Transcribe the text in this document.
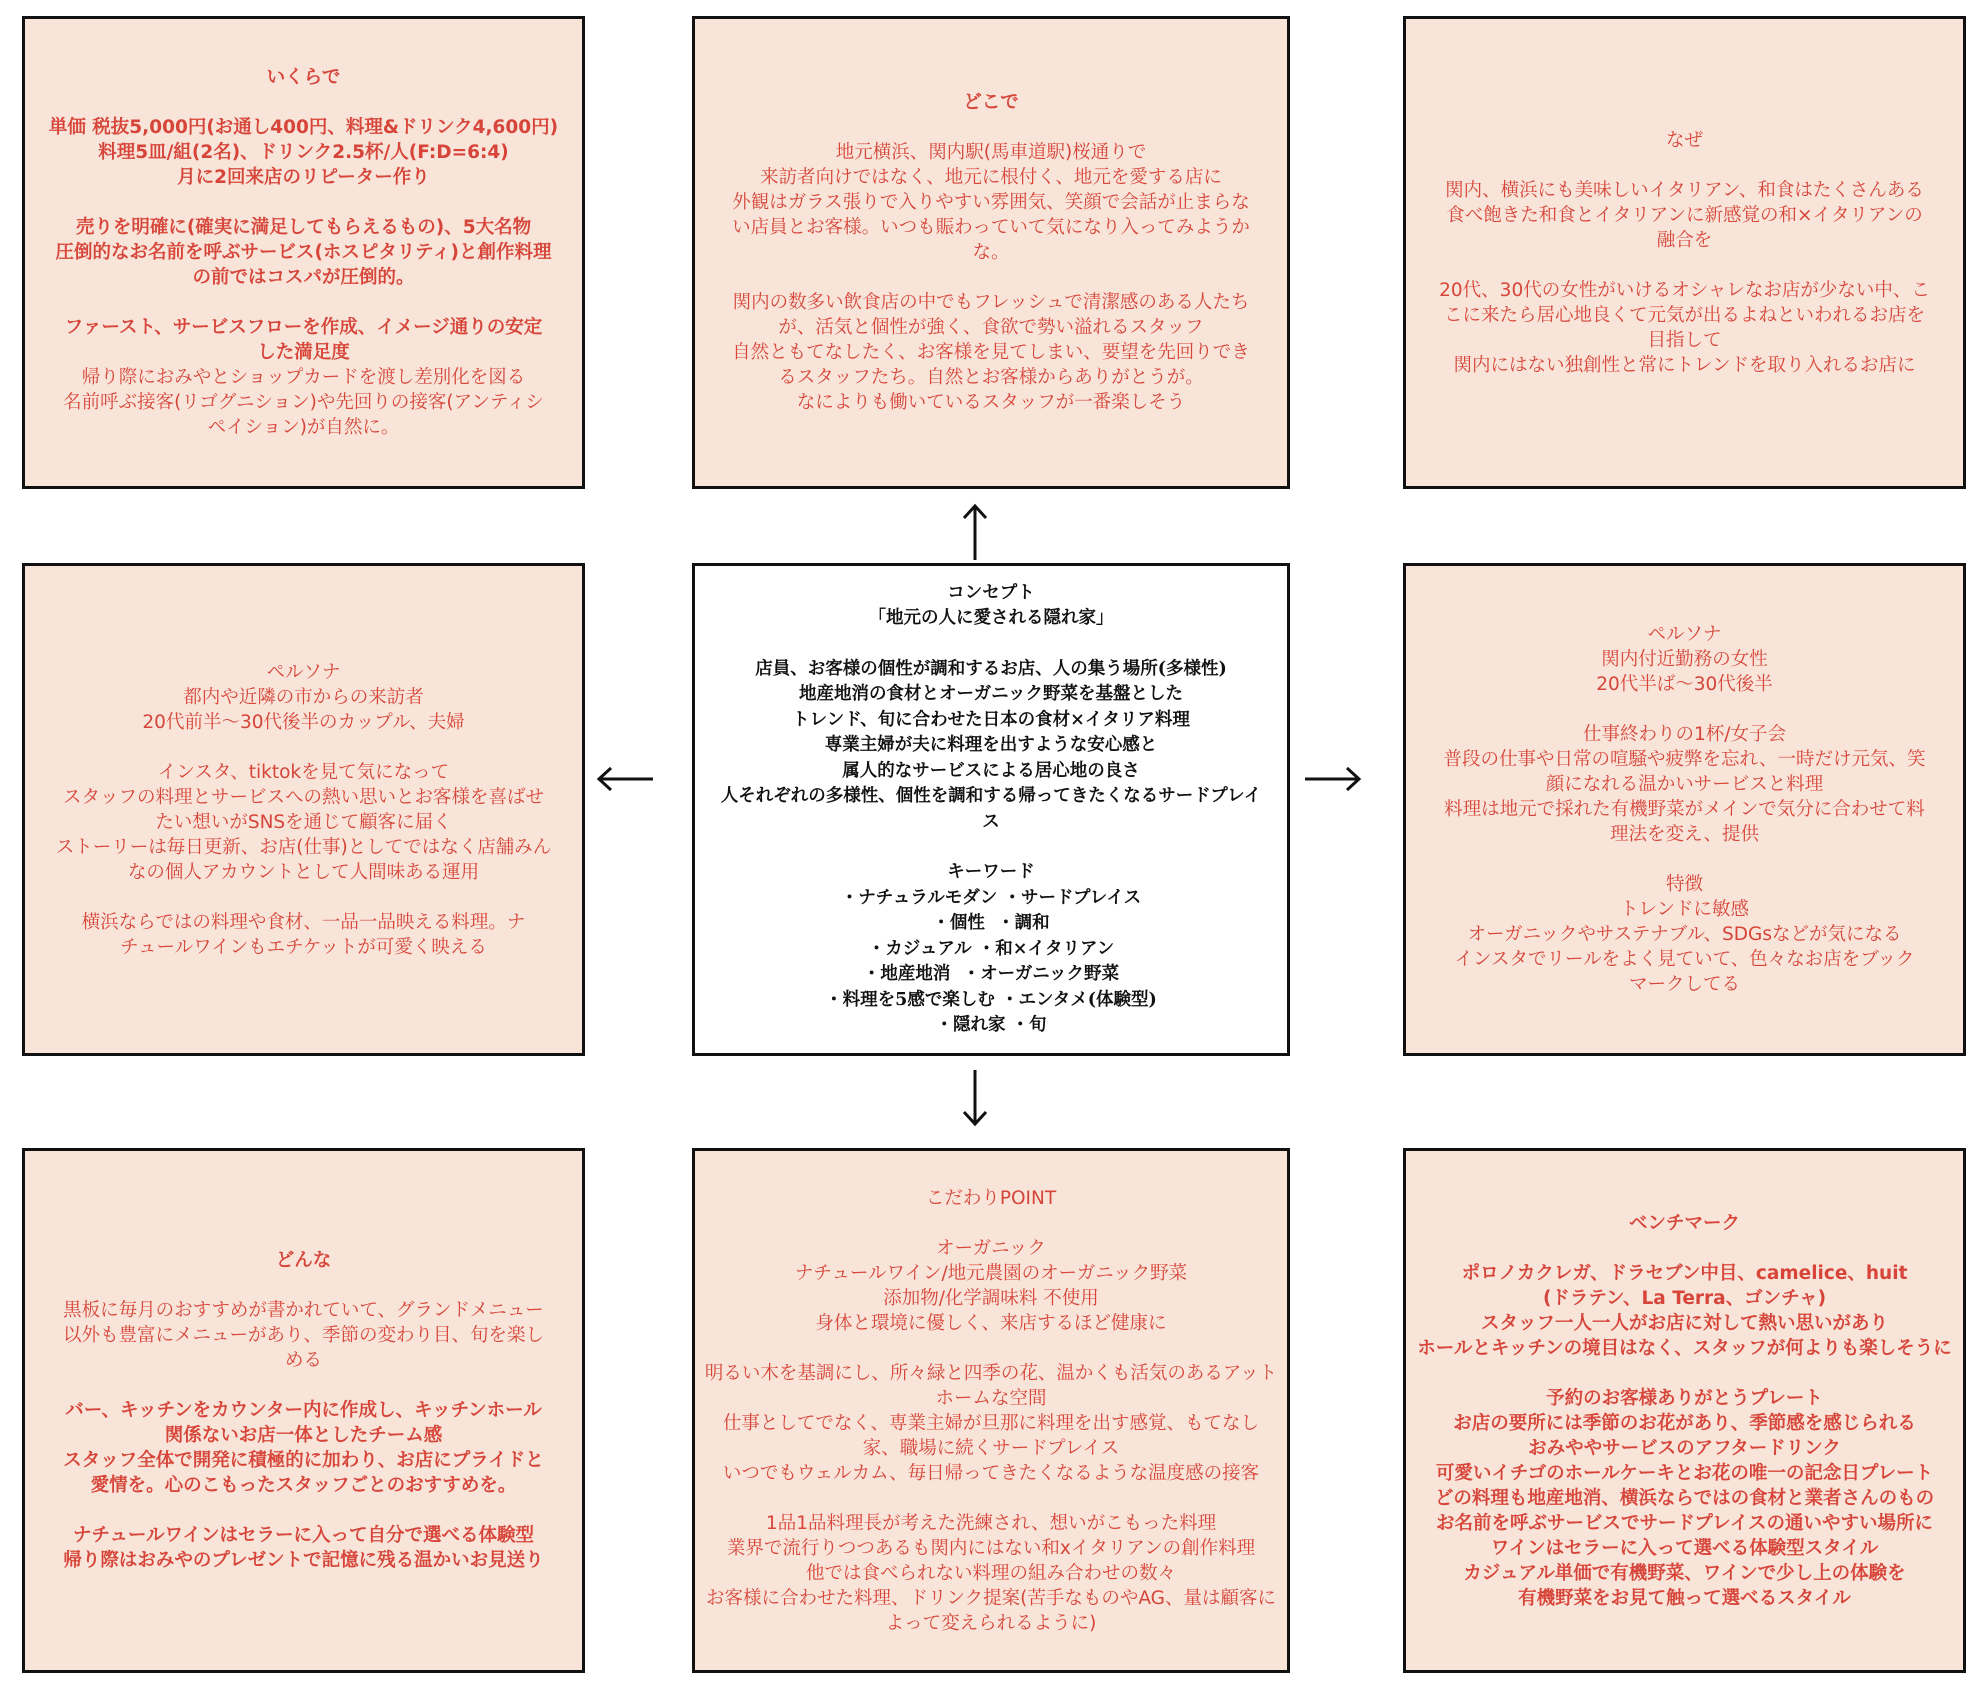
いくらで
単価 税抜5,000円(お通し400円、料理&ドリンク4,600円)
料理5皿/組(2名)、ドリンク2.5杯/人(F:D=6:4)
月に2回来店のリピーター作り
売りを明確に(確実に満足してもらえるもの)、5大名物
圧倒的なお名前を呼ぶサービス(ホスピタリティ)と創作料理
の前ではコスパが圧倒的。
ファースト、サービスフローを作成、イメージ通りの安定
した満足度
帰り際におみやとショップカードを渡し差別化を図る
名前呼ぶ接客(リゴグニション)や先回りの接客(アンティシ
ペイション)が自然に。
どこで
地元横浜、関内駅(馬車道駅)桜通りで
来訪者向けではなく、地元に根付く、地元を愛する店に
外観はガラス張りで入りやすい雰囲気、笑顔で会話が止まらな
い店員とお客様。いつも賑わっていて気になり入ってみようか
な。
関内の数多い飲食店の中でもフレッシュで清潔感のある人たち
が、活気と個性が強く、食欲で勢い溢れるスタッフ
自然ともてなしたく、お客様を見てしまい、要望を先回りでき
るスタッフたち。自然とお客様からありがとうが。
なによりも働いているスタッフが一番楽しそう
なぜ
関内、横浜にも美味しいイタリアン、和食はたくさんある
食べ飽きた和食とイタリアンに新感覚の和×イタリアンの
融合を
20代、30代の女性がいけるオシャレなお店が少ない中、こ
こに来たら居心地良くて元気が出るよねといわれるお店を
目指して
関内にはない独創性と常にトレンドを取り入れるお店に
ペルソナ
都内や近隣の市からの来訪者
20代前半〜30代後半のカップル、夫婦
インスタ、tiktokを見て気になって
スタッフの料理とサービスへの熱い思いとお客様を喜ばせ
たい想いがSNSを通じて顧客に届く
ストーリーは毎日更新、お店(仕事)としてではなく店舗みん
なの個人アカウントとして人間味ある運用
横浜ならではの料理や食材、一品一品映える料理。ナ
チュールワインもエチケットが可愛く映える
コンセプト
「地元の人に愛される隠れ家」
店員、お客様の個性が調和するお店、人の集う場所(多様性)
地産地消の食材とオーガニック野菜を基盤とした
トレンド、旬に合わせた日本の食材×イタリア料理
専業主婦が夫に料理を出すような安心感と
属人的なサービスによる居心地の良さ
人それぞれの多様性、個性を調和する帰ってきたくなるサードプレイ
ス
キーワード
・ナチュラルモダン ・サードプレイス
・個性  ・調和
・カジュアル ・和×イタリアン
・地産地消  ・オーガニック野菜
・料理を5感で楽しむ ・エンタメ(体験型)
・隠れ家 ・旬
ペルソナ
関内付近勤務の女性
20代半ば〜30代後半
仕事終わりの1杯/女子会
普段の仕事や日常の喧騒や疲弊を忘れ、一時だけ元気、笑
顔になれる温かいサービスと料理
料理は地元で採れた有機野菜がメインで気分に合わせて料
理法を変え、提供
特徴
トレンドに敏感
オーガニックやサステナブル、SDGsなどが気になる
インスタでリールをよく見ていて、色々なお店をブック
マークしてる
どんな
黒板に毎月のおすすめが書かれていて、グランドメニュー
以外も豊富にメニューがあり、季節の変わり目、旬を楽し
める
バー、キッチンをカウンター内に作成し、キッチンホール
関係ないお店一体としたチーム感
スタッフ全体で開発に積極的に加わり、お店にプライドと
愛情を。心のこもったスタッフごとのおすすめを。
ナチュールワインはセラーに入って自分で選べる体験型
帰り際はおみやのプレゼントで記憶に残る温かいお見送り
こだわりPOINT
オーガニック
ナチュールワイン/地元農園のオーガニック野菜
添加物/化学調味料 不使用
身体と環境に優しく、来店するほど健康に
明るい木を基調にし、所々緑と四季の花、温かくも活気のあるアット
ホームな空間
仕事としてでなく、専業主婦が旦那に料理を出す感覚、もてなし
家、職場に続くサードプレイス
いつでもウェルカム、毎日帰ってきたくなるような温度感の接客
1品1品料理長が考えた洗練され、想いがこもった料理
業界で流行りつつあるも関内にはない和xイタリアンの創作料理
他では食べられない料理の組み合わせの数々
お客様に合わせた料理、ドリンク提案(苦手なものやAG、量は顧客に
よって変えられるように)
ベンチマーク
ポロノカクレガ、ドラセブン中目、camelice、huit
(ドラテン、La Terra、ゴンチャ)
スタッフ一人一人がお店に対して熱い思いがあり
ホールとキッチンの境目はなく、スタッフが何よりも楽しそうに
予約のお客様ありがとうプレート
お店の要所には季節のお花があり、季節感を感じられる
おみややサービスのアフタードリンク
可愛いイチゴのホールケーキとお花の唯一の記念日プレート
どの料理も地産地消、横浜ならではの食材と業者さんのもの
お名前を呼ぶサービスでサードプレイスの通いやすい場所に
ワインはセラーに入って選べる体験型スタイル
カジュアル単価で有機野菜、ワインで少し上の体験を
有機野菜をお見て触って選べるスタイル
